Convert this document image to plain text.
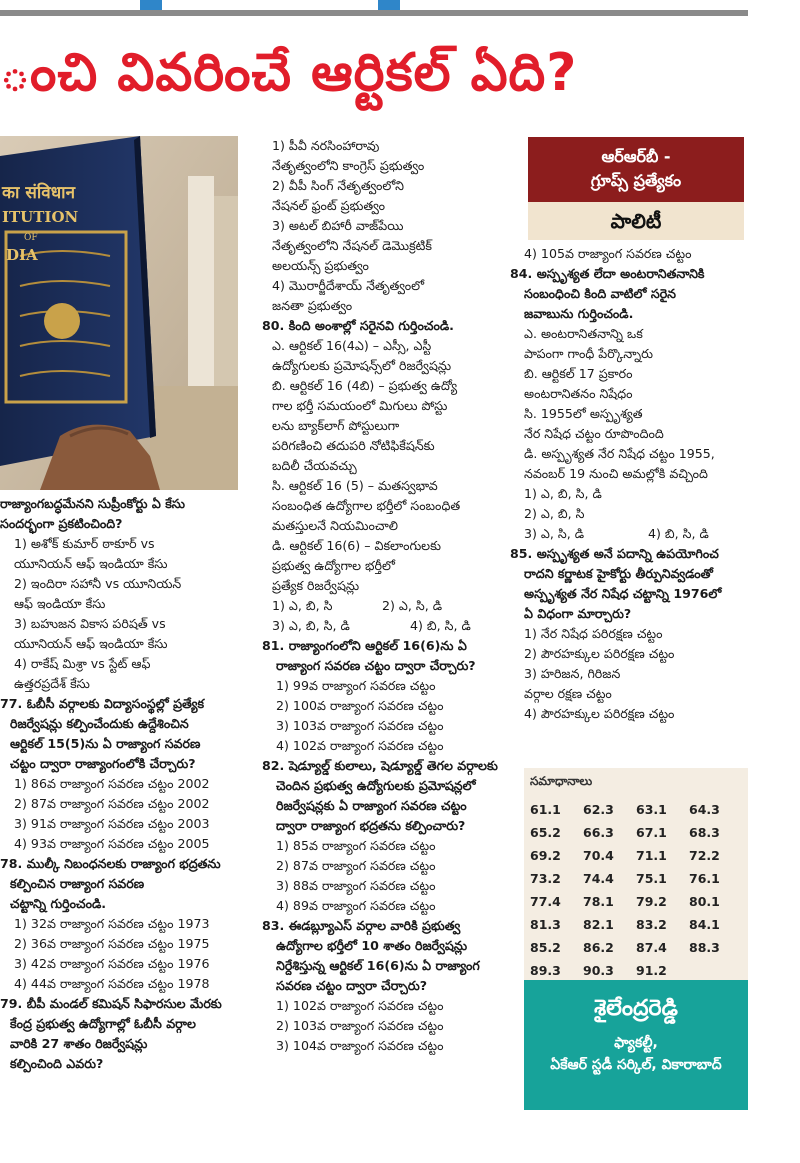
ంచి వివరించే ఆర్టికల్ ఏది?
का संविधान
ITUTION
OF
DIA

రాజ్యాంగబద్ధమేనని సుప్రీంకోర్టు ఏ కేసు

సందర్భంగా ప్రకటించింది?

1) అశోక్ కుమార్ ఠాకూర్ vs

యూనియన్ ఆఫ్ ఇండియా కేసు

2) ఇందిరా సహానీ vs యూనియన్

ఆఫ్ ఇండియా కేసు

3) బహుజన వికాస పరిషత్ vs

యూనియన్ ఆఫ్ ఇండియా కేసు

4) రాకేష్ మిశ్రా vs స్టేట్ ఆఫ్

ఉత్తరప్రదేశ్ కేసు

77. ఓబీసీ వర్గాలకు విద్యాసంస్థల్లో ప్రత్యేక

రిజర్వేషన్లు కల్పించేందుకు ఉద్దేశించిన

ఆర్టికల్ 15(5)ను ఏ రాజ్యాంగ సవరణ

చట్టం ద్వారా రాజ్యాంగంలోకి చేర్చారు?

1) 86వ రాజ్యాంగ సవరణ చట్టం 2002

2) 87వ రాజ్యాంగ సవరణ చట్టం 2002

3) 91వ రాజ్యాంగ సవరణ చట్టం 2003

4) 93వ రాజ్యాంగ సవరణ చట్టం 2005

78. ముల్కీ నిబంధనలకు రాజ్యాంగ భద్రతను

కల్పించిన రాజ్యాంగ సవరణ

చట్టాన్ని గుర్తించండి.

1) 32వ రాజ్యాంగ సవరణ చట్టం 1973

2) 36వ రాజ్యాంగ సవరణ చట్టం 1975

3) 42వ రాజ్యాంగ సవరణ చట్టం 1976

4) 44వ రాజ్యాంగ సవరణ చట్టం 1978

79. బీపీ మండల్ కమిషన్ సిఫారసుల మేరకు

కేంద్ర ప్రభుత్వ ఉద్యోగాల్లో ఓబీసీ వర్గాల

వారికి 27 శాతం రిజర్వేషన్లు

కల్పించింది ఎవరు?

1) పీవీ నరసింహారావు

నేతృత్వంలోని కాంగ్రెస్ ప్రభుత్వం

2) వీపీ సింగ్ నేతృత్వంలోని

నేషనల్ ఫ్రంట్ ప్రభుత్వం

3) అటల్ బిహారీ వాజ్‌పేయి

నేతృత్వంలోని నేషనల్ డెమొక్రటిక్

అలయన్స్ ప్రభుత్వం

4) మొరార్జీదేశాయ్ నేతృత్వంలో

జనతా ప్రభుత్వం

80. కింది అంశాల్లో సరైనవి గుర్తించండి.

ఎ. ఆర్టికల్ 16(4ఎ) – ఎస్సీ, ఎస్టీ

ఉద్యోగులకు ప్రమోషన్స్‌లో రిజర్వేషన్లు

బి. ఆర్టికల్ 16 (4బి) – ప్రభుత్వ ఉద్యో

గాల భర్తీ సమయంలో మిగులు పోస్టు

లను బ్యాక్‌లాగ్ పోస్టులుగా

పరిగణించి తదుపరి నోటిఫికేషన్‌కు

బదిలీ చేయవచ్చు

సి. ఆర్టికల్ 16 (5) – మతస్వభావ

సంబంధిత ఉద్యోగాల భర్తీలో సంబంధిత

మతస్తులనే నియమించాలి

డి. ఆర్టికల్ 16(6) – వికలాంగులకు

ప్రభుత్వ ఉద్యోగాల భర్తీలో

ప్రత్యేక రిజర్వేషన్లు

1) ఎ, బి, సి	2) ఎ, సి, డి
3) ఎ, బి, సి, డి	4) బి, సి, డి

81. రాజ్యాంగంలోని ఆర్టికల్ 16(6)ను ఏ

రాజ్యాంగ సవరణ చట్టం ద్వారా చేర్చారు?

1) 99వ రాజ్యాంగ సవరణ చట్టం

2) 100వ రాజ్యాంగ సవరణ చట్టం

3) 103వ రాజ్యాంగ సవరణ చట్టం

4) 102వ రాజ్యాంగ సవరణ చట్టం

82. షెడ్యూల్డ్ కులాలు, షెడ్యూల్డ్ తెగల వర్గాలకు

చెందిన ప్రభుత్వ ఉద్యోగులకు ప్రమోషన్లలో

రిజర్వేషన్లకు ఏ రాజ్యాంగ సవరణ చట్టం

ద్వారా రాజ్యాంగ భద్రతను కల్పించారు?

1) 85వ రాజ్యాంగ సవరణ చట్టం

2) 87వ రాజ్యాంగ సవరణ చట్టం

3) 88వ రాజ్యాంగ సవరణ చట్టం

4) 89వ రాజ్యాంగ సవరణ చట్టం

83. ఈడబ్ల్యూఎస్ వర్గాల వారికి ప్రభుత్వ

ఉద్యోగాల భర్తీలో 10 శాతం రిజర్వేషన్లు

నిర్దేశిస్తున్న ఆర్టికల్ 16(6)ను ఏ రాజ్యాంగ

సవరణ చట్టం ద్వారా చేర్చారు?

1) 102వ రాజ్యాంగ సవరణ చట్టం

2) 103వ రాజ్యాంగ సవరణ చట్టం

3) 104వ రాజ్యాంగ సవరణ చట్టం

ఆర్‌ఆర్‌బీ -
గ్రూప్స్ ప్రత్యేకం
పాలిటీ

4) 105వ రాజ్యాంగ సవరణ చట్టం

84. అస్పృశ్యత లేదా అంటరానితనానికి

సంబంధించి కింది వాటిలో సరైన

జవాబును గుర్తించండి.

ఎ. అంటరానితనాన్ని ఒక

పాపంగా గాంధీ పేర్కొన్నారు

బి. ఆర్టికల్ 17 ప్రకారం

అంటరానితనం నిషేధం

సి. 1955లో అస్పృశ్యత

నేర నిషేధ చట్టం రూపొందింది

డి. అస్పృశ్యత నేర నిషేధ చట్టం 1955,

నవంబర్ 19 నుంచి అమల్లోకి వచ్చింది

1) ఎ, బి, సి, డి

2) ఎ, బి, సి

3) ఎ, సి, డి	4) బి, సి, డి

85. అస్పృశ్యత అనే పదాన్ని ఉపయోగించ

రాదని కర్ణాటక హైకోర్టు తీర్పునివ్వడంతో

అస్పృశ్యత నేర నిషేధ చట్టాన్ని 1976లో

ఏ విధంగా మార్చారు?

1) నేర నిషేధ పరిరక్షణ చట్టం

2) పౌరహక్కుల పరిరక్షణ చట్టం

3) హరిజన, గిరిజన

వర్గాల రక్షణ చట్టం

4) పౌరహక్కుల పరిరక్షణ చట్టం

సమాధానాలు
61.1	62.3	63.1	64.3
65.2	66.3	67.1	68.3
69.2	70.4	71.1	72.2
73.2	74.4	75.1	76.1
77.4	78.1	79.2	80.1
81.3	82.1	83.2	84.1
85.2	86.2	87.4	88.3
89.3	90.3	91.2
శైలేంద్రరెడ్డి
ఫ్యాకల్టీ,
ఏకేఆర్ స్టడీ సర్కిల్, వికారాబాద్
